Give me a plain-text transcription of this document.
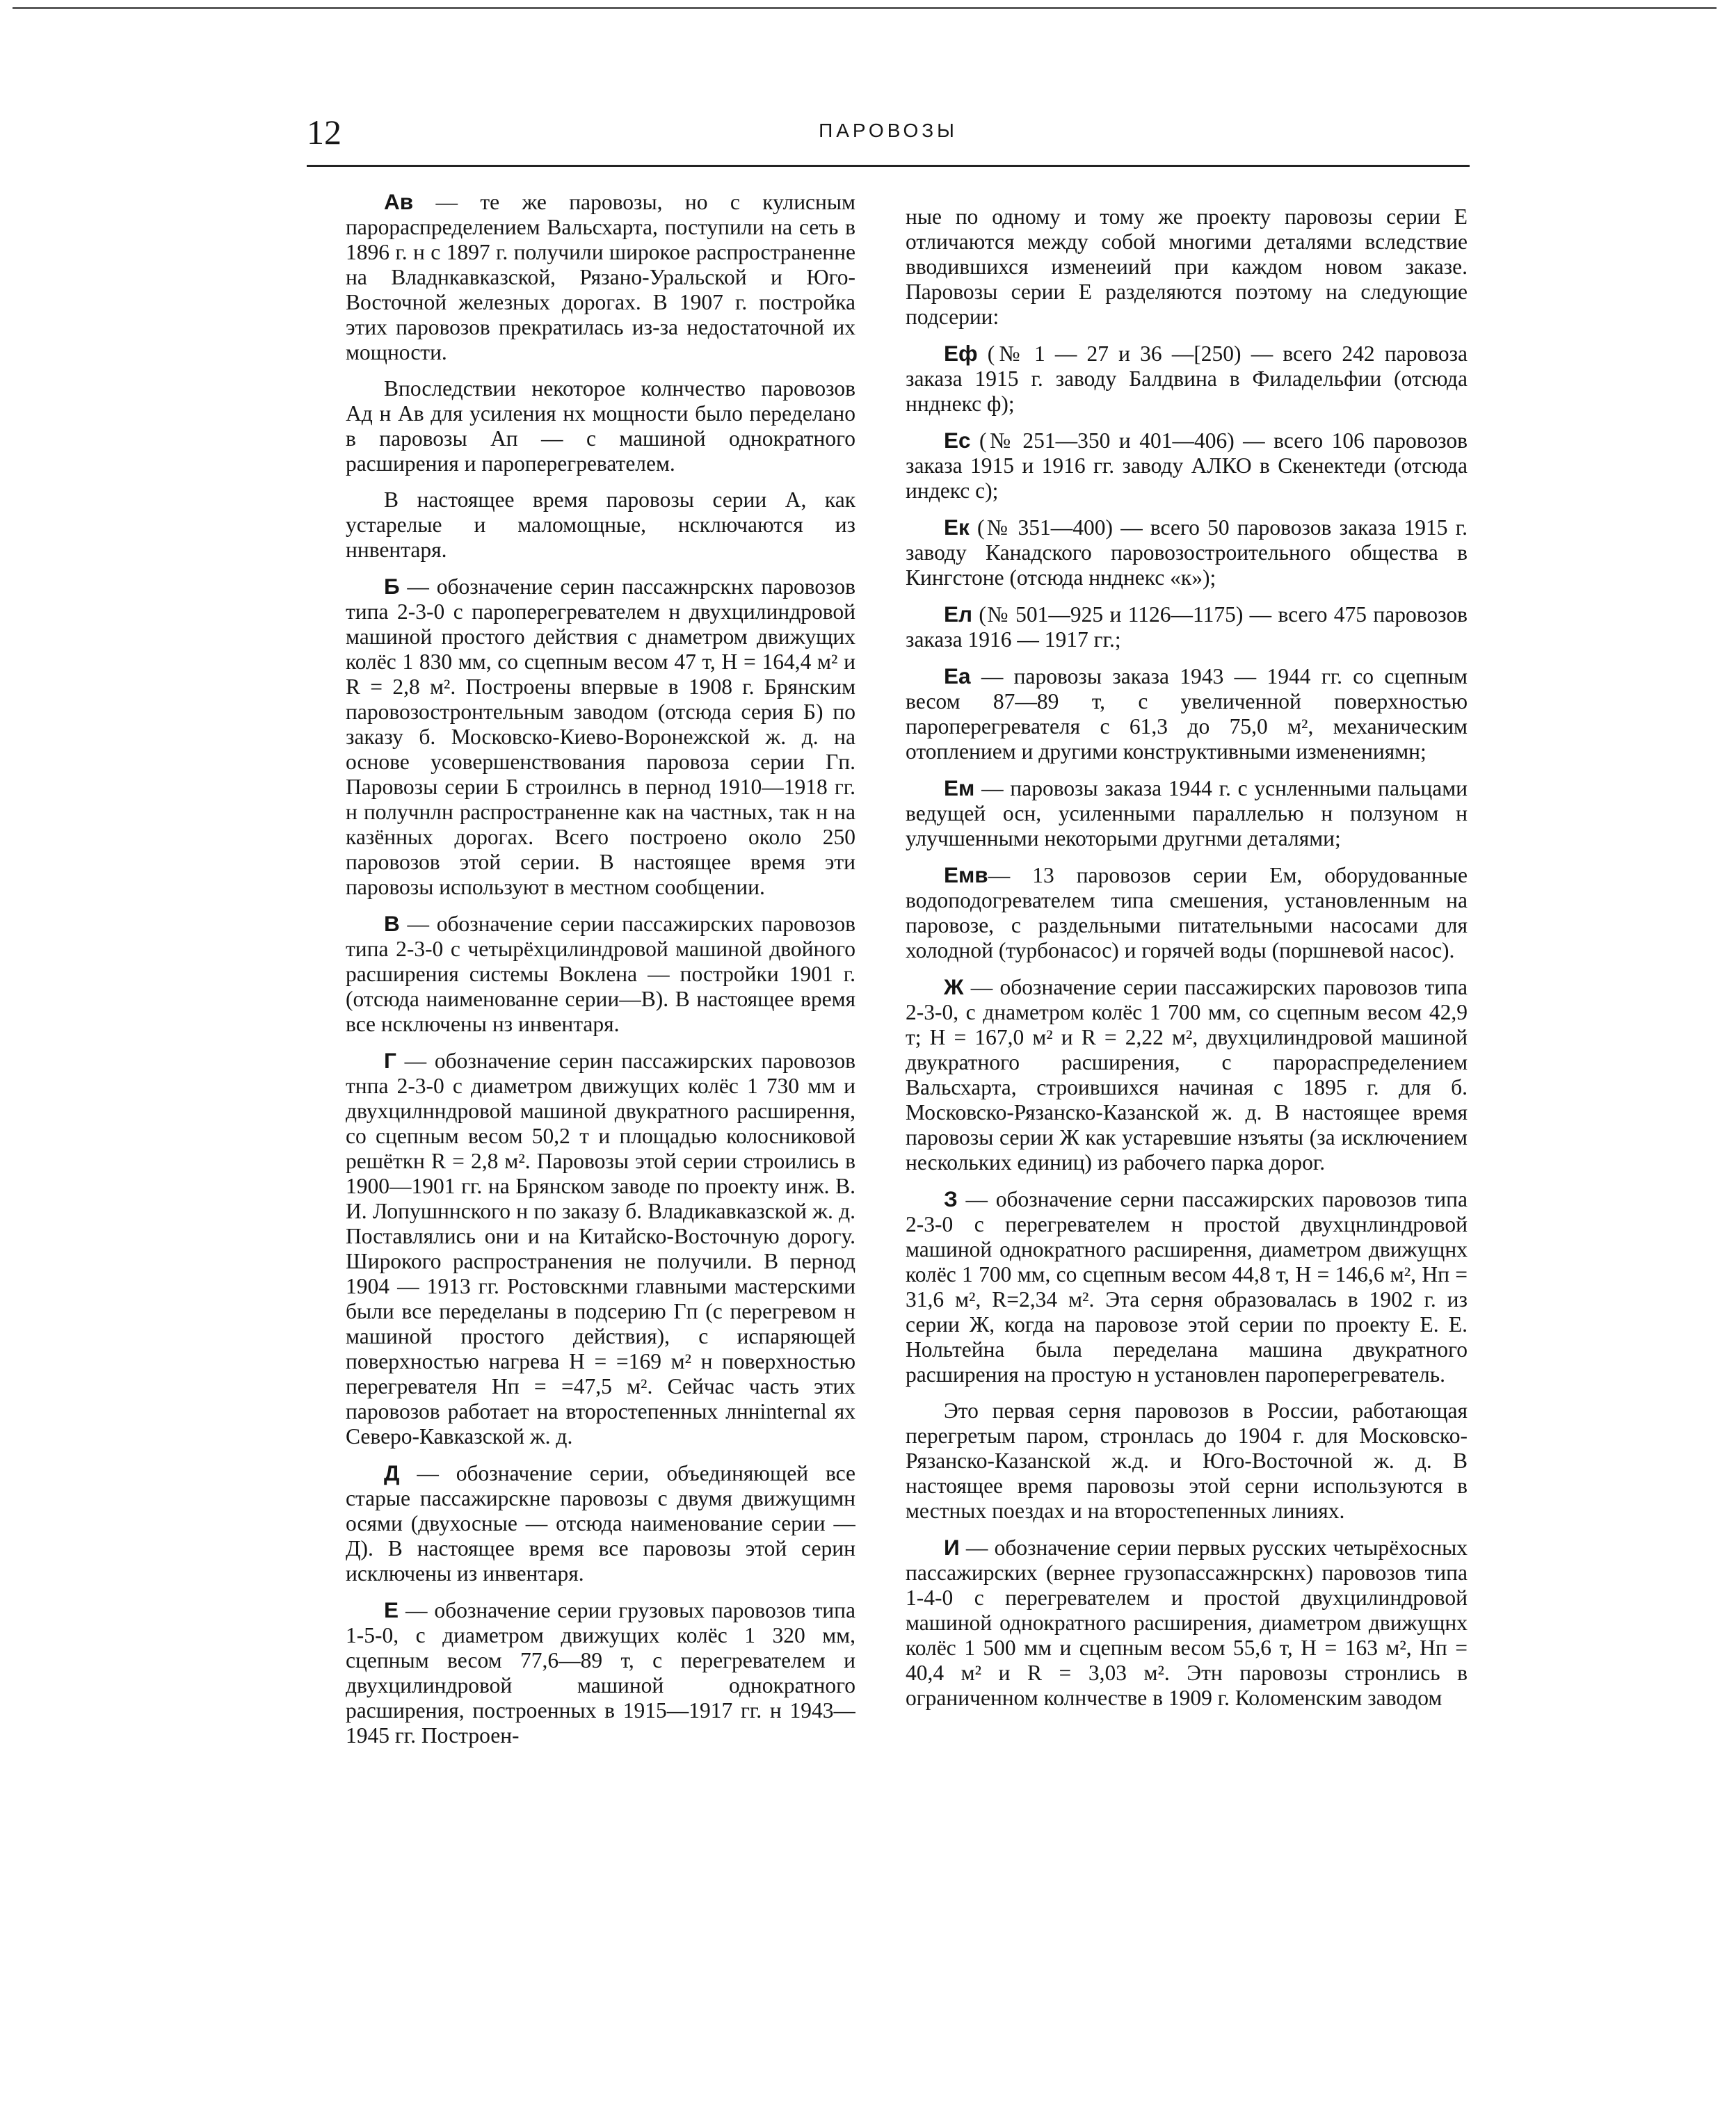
12	ПАРОВОЗЫ

Ав — те же паровозы, но с кулисным парораспределением Вальсхарта, поступили на сеть в 1896 г. н с 1897 г. получили широкое распространенне на Владнкавказской, Рязано-Уральской и Юго-Восточной железных дорогах. В 1907 г. постройка этих паровозов прекратилась из-за недостаточной их мощности.

Впоследствии некоторое колнчество паровозов Ад н Ав для усиления нх мощности было переделано в паровозы Ап — с машиной однократного расширения и пароперегревателем.

В настоящее время паровозы серии А, как устарелые и маломощные, нсключаются из ннвентаря.

Б — обозначение серин пассажнрскнх паровозов типа 2-3-0 с пароперегревателем н двухцилиндровой машиной простого действия с днаметром движущих колёс 1 830 мм, со сцепным весом 47 т, H = 164,4 м² и R = 2,8 м². Построены впервые в 1908 г. Брянским паровозостронтельным заводом (отсюда серия Б) по заказу б. Московско-Киево-Воронежской ж. д. на основе усовершенствования паровоза серии Гп. Паровозы серии Б строилнсь в пернод 1910—1918 гг. н получнлн распространенне как на частных, так н на казённых дорогах. Всего построено около 250 паровозов этой серии. В настоящее время эти паровозы используют в местном сообщении.

В — обозначение серии пассажирских паровозов типа 2-3-0 с четырёхцилиндровой машиной двойного расширения системы Воклена — постройки 1901 г. (отсюда наименованне серии—В). В настоящее время все нсключены нз инвентаря.

Г — обозначение серин пассажирских паровозов тнпа 2-3-0 с диаметром движущих колёс 1 730 мм и двухцилнндровой машиной двукратного расширення, со сцепным весом 50,2 т и площадью колосниковой решёткн R = 2,8 м². Паровозы этой серии строились в 1900—1901 гг. на Брянском заводе по проекту инж. В. И. Лопушннского н по заказу б. Владикавказской ж. д. Поставлялись они и на Китайско-Восточную дорогу. Широкого распространения не получили. В пернод 1904 — 1913 гг. Ростовскнми главными мастерскими были все переделаны в подсерию Гп (с перегревом н машиной простого действия), с испаряющей поверхностью нагрева H = =169 м² н поверхностью перегревателя Hп = =47,5 м². Сейчас часть этих паровозов работает на второстепенных лннinternal ях Северо-Кавказской ж. д.

Д — обозначение серии, объединяющей все старые пассажирскне паровозы с двумя движущимн осями (двухосные — отсюда наименование серии — Д). В настоящее время все паровозы этой серин исключены из инвентаря.

Е — обозначение серии грузовых паровозов типа 1-5-0, с диаметром движущих колёс 1 320 мм, сцепным весом 77,6—89 т, с перегревателем и двухцилиндровой машиной однократного расширения, построенных в 1915—1917 гг. н 1943—1945 гг. Построен-

ные по одному и тому же проекту паровозы серии Е отличаются между собой многими деталями вследствие вводившихся изменеиий при каждом новом заказе. Паровозы серии Е разделяются поэтому на следующие подсерии:

Еф (№ 1 — 27 и 36 —[250) — всего 242 паровоза заказа 1915 г. заводу Балдвина в Филадельфии (отсюда ннднекс ф);

Ес (№ 251—350 и 401—406) — всего 106 паровозов заказа 1915 и 1916 гг. заводу АЛКО в Скенектеди (отсюда индекс с);

Ек (№ 351—400) — всего 50 паровозов заказа 1915 г. заводу Канадского паровозостроительного общества в Кингстоне (отсюда ннднекс «к»);

Ел (№ 501—925 и 1126—1175) — всего 475 паровозов заказа 1916 — 1917 гг.;

Еа — паровозы заказа 1943 — 1944 гг. со сцепным весом 87—89 т, с увеличенной поверхностью пароперегревателя с 61,3 до 75,0 м², механическим отоплением и другими конструктивными изменениямн;

Ем — паровозы заказа 1944 г. с уснленными пальцами ведущей осн, усиленными параллелью н ползуном н улучшенными некоторыми другнми деталями;

Емв— 13 паровозов серии Ем, оборудованные водоподогревателем типа смешения, установленным на паровозе, с раздельными питательными насосами для холодной (турбонасос) и горячей воды (поршневой насос).

Ж — обозначение серии пассажирских паровозов типа 2-3-0, с днаметром колёс 1 700 мм, со сцепным весом 42,9 т; H = 167,0 м² и R = 2,22 м², двухцилиндровой машиной двукратного расширения, с парораспределением Вальсхарта, строившихся начиная с 1895 г. для б. Московско-Рязанско-Казанской ж. д. В настоящее время паровозы серии Ж как устаревшие нзъяты (за исключением нескольких единиц) из рабочего парка дорог.

З — обозначение серни пассажирских паровозов типа 2-3-0 с перегревателем н простой двухцнлиндровой машиной однократного расширення, диаметром движущнх колёс 1 700 мм, со сцепным весом 44,8 т, H = 146,6 м², Hп = 31,6 м², R=2,34 м². Эта серня образовалась в 1902 г. из серии Ж, когда на паровозе этой серии по проекту Е. Е. Нольтейна была переделана машина двукратного расширения на простую н установлен пароперегреватель.

Это первая серня паровозов в России, работающая перегретым паром, стронлась до 1904 г. для Московско-Рязанско-Казанской ж.д. и Юго-Восточной ж. д. В настоящее время паровозы этой серни используются в местных поездах и на второстепенных линиях.

И — обозначение серии первых русских четырёхосных пассажирских (вернее грузопассажнрскнх) паровозов типа 1-4-0 с перегревателем и простой двухцилиндровой машиной однократного расширения, диаметром движущнх колёс 1 500 мм и сцепным весом 55,6 т, H = 163 м², Hп = 40,4 м² и R = 3,03 м². Этн паровозы стронлись в ограниченном колнчестве в 1909 г. Коломенским заводом
